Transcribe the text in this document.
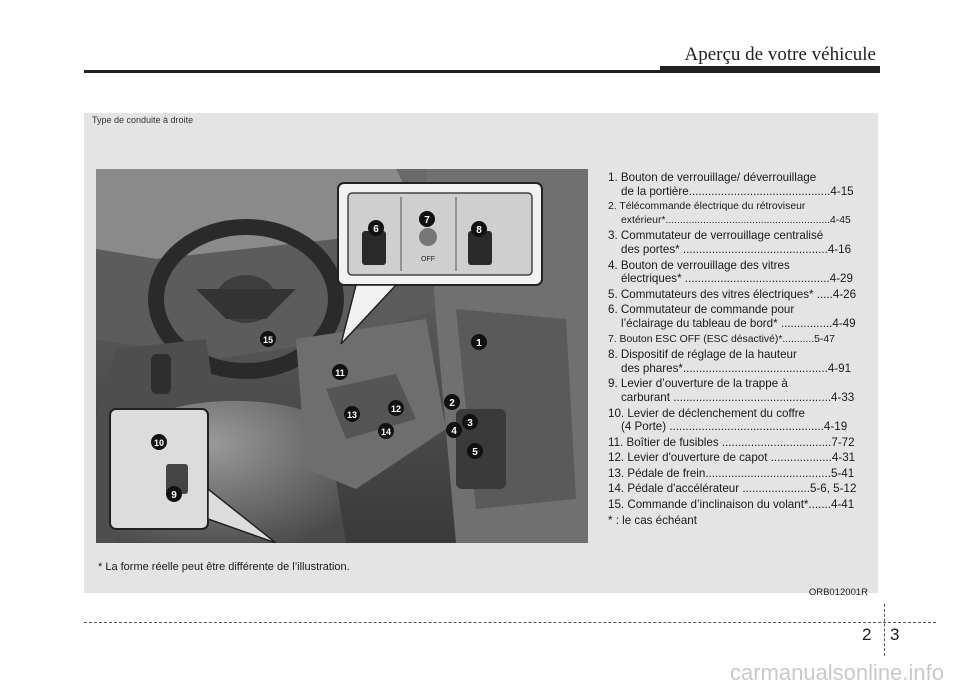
Aperçu de votre véhicule
Type de conduite à droite
OFF
1
2
3
4
5
6
7
8
9
10
11
12
13
14
15
1. Bouton de verrouillage/ déverrouillage
de la portière............................................4-15
2. Télécommande électrique du rétroviseur
extérieur*.........................................................4-45
3. Commutateur de verrouillage centralisé
des portes* .............................................4-16
4. Bouton de verrouillage des vitres
électriques* .............................................4-29
5. Commutateurs des vitres électriques* .....4-26
6. Commutateur de commande pour
l’éclairage du tableau de bord* ................4-49
7. Bouton ESC OFF (ESC désactivé)*...........5-47
8. Dispositif de réglage de la hauteur
des phares*.............................................4-91
9. Levier d’ouverture de la trappe à
carburant .................................................4-33
10. Levier de déclenchement du coffre
(4 Porte) ................................................4-19
11. Boîtier de fusibles ..................................7-72
12. Levier d'ouverture de capot ...................4-31
13. Pédale de frein.......................................5-41
14. Pédale d'accélérateur .....................5-6, 5-12
15. Commande d’inclinaison du volant*.......4-41
* : le cas échéant
* La forme réelle peut être différente de l’illustration.
ORB012001R
2 3
carmanualsonline.info
